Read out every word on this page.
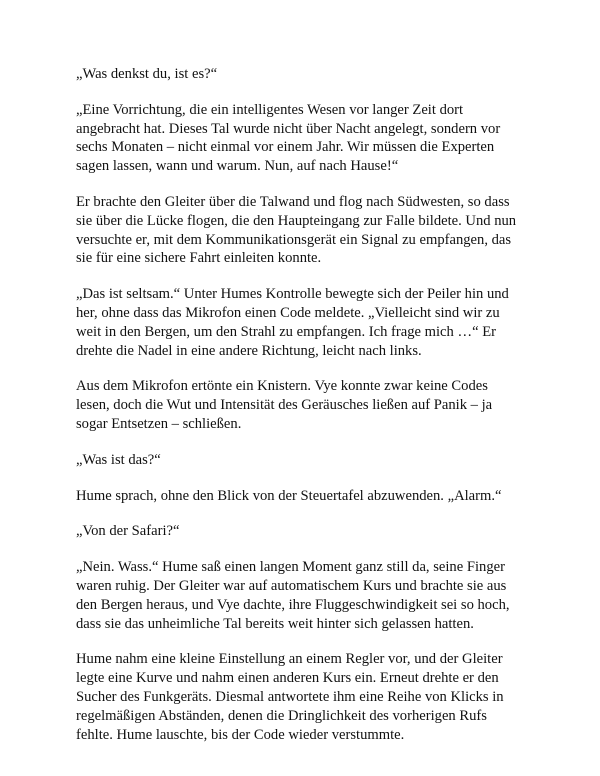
„Was denkst du, ist es?“

„Eine Vorrichtung, die ein intelligentes Wesen vor langer Zeit dort
angebracht hat. Dieses Tal wurde nicht über Nacht angelegt, sondern vor
sechs Monaten – nicht einmal vor einem Jahr. Wir müssen die Experten
sagen lassen, wann und warum. Nun, auf nach Hause!“

Er brachte den Gleiter über die Talwand und flog nach Südwesten, so dass
sie über die Lücke flogen, die den Haupteingang zur Falle bildete. Und nun
versuchte er, mit dem Kommunikationsgerät ein Signal zu empfangen, das
sie für eine sichere Fahrt einleiten konnte.

„Das ist seltsam.“ Unter Humes Kontrolle bewegte sich der Peiler hin und
her, ohne dass das Mikrofon einen Code meldete. „Vielleicht sind wir zu
weit in den Bergen, um den Strahl zu empfangen. Ich frage mich …“ Er
drehte die Nadel in eine andere Richtung, leicht nach links.

Aus dem Mikrofon ertönte ein Knistern. Vye konnte zwar keine Codes
lesen, doch die Wut und Intensität des Geräusches ließen auf Panik – ja
sogar Entsetzen – schließen.

„Was ist das?“

Hume sprach, ohne den Blick von der Steuertafel abzuwenden. „Alarm.“

„Von der Safari?“

„Nein. Wass.“ Hume saß einen langen Moment ganz still da, seine Finger
waren ruhig. Der Gleiter war auf automatischem Kurs und brachte sie aus
den Bergen heraus, und Vye dachte, ihre Fluggeschwindigkeit sei so hoch,
dass sie das unheimliche Tal bereits weit hinter sich gelassen hatten.

Hume nahm eine kleine Einstellung an einem Regler vor, und der Gleiter
legte eine Kurve und nahm einen anderen Kurs ein. Erneut drehte er den
Sucher des Funkgeräts. Diesmal antwortete ihm eine Reihe von Klicks in
regelmäßigen Abständen, denen die Dringlichkeit des vorherigen Rufs
fehlte. Hume lauschte, bis der Code wieder verstummte.
